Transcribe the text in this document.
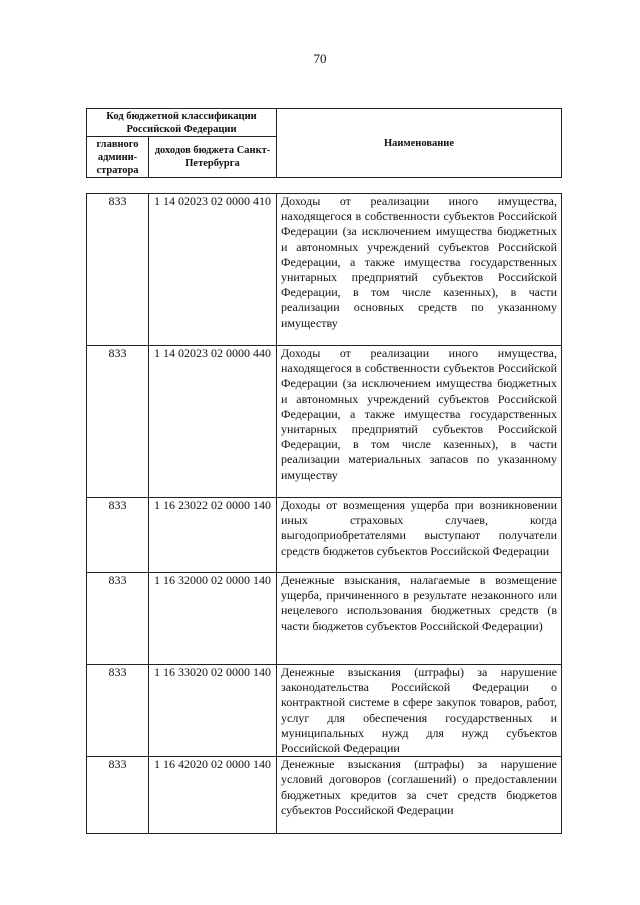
70
Код бюджетной классификации Российской Федерации		Наименование
главного админи-стратора	доходов бюджета Санкт-Петербурга	
833	1 14 02023 02 0000 410	Доходы от реализации иного имущества, находящегося в собственности субъектов Российской Федерации (за исключением имущества бюджетных и автономных учреждений субъектов Российской Федерации, а также имущества государственных унитарных предприятий субъектов Российской Федерации, в том числе казенных), в части реализации основных средств по указанному имуществу
833	1 14 02023 02 0000 440	Доходы от реализации иного имущества, находящегося в собственности субъектов Российской Федерации (за исключением имущества бюджетных и автономных учреждений субъектов Российской Федерации, а также имущества государственных унитарных предприятий субъектов Российской Федерации, в том числе казенных), в части реализации материальных запасов по указанному имуществу
833	1 16 23022 02 0000 140	Доходы от возмещения ущерба при возникновении иных страховых случаев, когда выгодоприобретателями выступают получатели средств бюджетов субъектов Российской Федерации
833	1 16 32000 02 0000 140	Денежные взыскания, налагаемые в возмещение ущерба, причиненного в результате незаконного или нецелевого использования бюджетных средств (в части бюджетов субъектов Российской Федерации)
833	1 16 33020 02 0000 140	Денежные взыскания (штрафы) за нарушение законодательства Российской Федерации о контрактной системе в сфере закупок товаров, работ, услуг для обеспечения государственных и муниципальных нужд для нужд субъектов Российской Федерации
833	1 16 42020 02 0000 140	Денежные взыскания (штрафы) за нарушение условий договоров (соглашений) о предоставлении бюджетных кредитов за счет средств бюджетов субъектов Российской Федерации
